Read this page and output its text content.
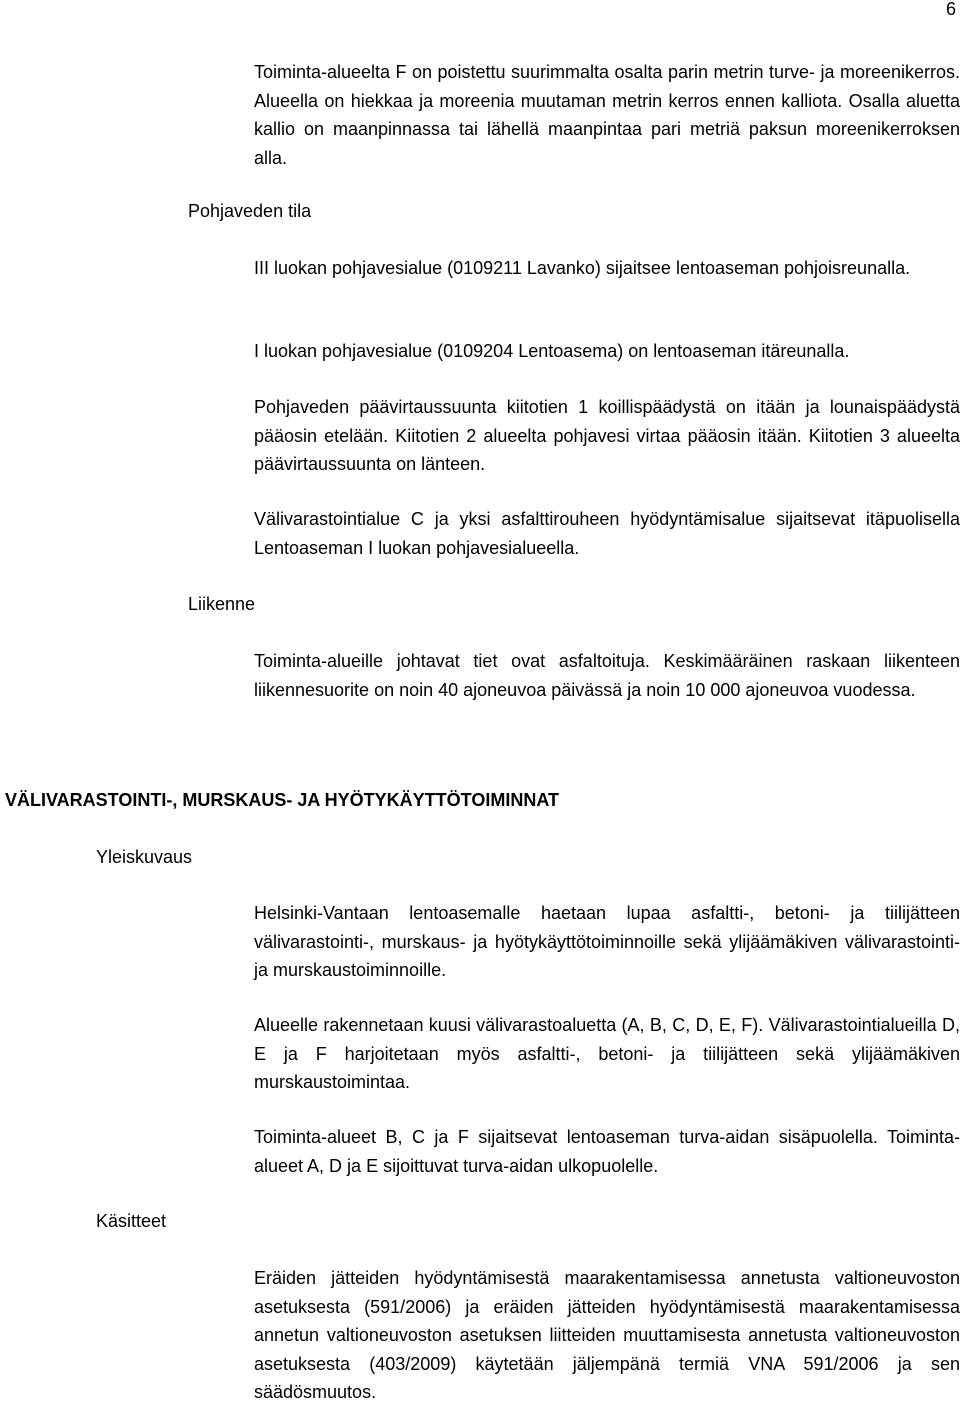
6

Toiminta-alueelta F on poistettu suurimmalta osalta parin metrin turve- ja moreenikerros. Alueella on hiekkaa ja moreenia muutaman metrin kerros ennen kalliota. Osalla aluetta kallio on maanpinnassa tai lähellä maanpintaa pari metriä paksun moreenikerroksen alla.

Pohjaveden tila

III luokan pohjavesialue (0109211 Lavanko) sijaitsee lentoaseman pohjoisreunalla.

I luokan pohjavesialue (0109204 Lentoasema) on lentoaseman itäreunalla.

Pohjaveden päävirtaussuunta kiitotien 1 koillispäädystä on itään ja lounaispäädystä pääosin etelään. Kiitotien 2 alueelta pohjavesi virtaa pääosin itään. Kiitotien 3 alueelta päävirtaussuunta on länteen.

Välivarastointialue C ja yksi asfalttirouheen hyödyntämisalue sijaitsevat itäpuolisella Lentoaseman I luokan pohjavesialueella.

Liikenne

Toiminta-alueille johtavat tiet ovat asfaltoituja. Keskimääräinen raskaan liikenteen liikennesuorite on noin 40 ajoneuvoa päivässä ja noin 10 000 ajoneuvoa vuodessa.

VÄLIVARASTOINTI-, MURSKAUS- JA HYÖTYKÄYTTÖTOIMINNAT
Yleiskuvaus

Helsinki-Vantaan lentoasemalle haetaan lupaa asfaltti-, betoni- ja tiilijätteen välivarastointi-, murskaus- ja hyötykäyttötoiminnoille sekä ylijäämäkiven välivarastointi- ja murskaustoiminnoille.

Alueelle rakennetaan kuusi välivarastoaluetta (A, B, C, D, E, F). Välivarastointialueilla D, E ja F harjoitetaan myös asfaltti-, betoni- ja tiilijätteen sekä ylijäämäkiven murskaustoimintaa.

Toiminta-alueet B, C ja F sijaitsevat lentoaseman turva-aidan sisäpuolella. Toiminta-alueet A, D ja E sijoittuvat turva-aidan ulkopuolelle.

Käsitteet

Eräiden jätteiden hyödyntämisestä maarakentamisessa annetusta valtioneuvoston asetuksesta (591/2006) ja eräiden jätteiden hyödyntämisestä maarakentamisessa annetun valtioneuvoston asetuksen liitteiden muuttamisesta annetusta valtioneuvoston asetuksesta (403/2009) käytetään jäljempänä termiä VNA 591/2006 ja sen säädösmuutos.
